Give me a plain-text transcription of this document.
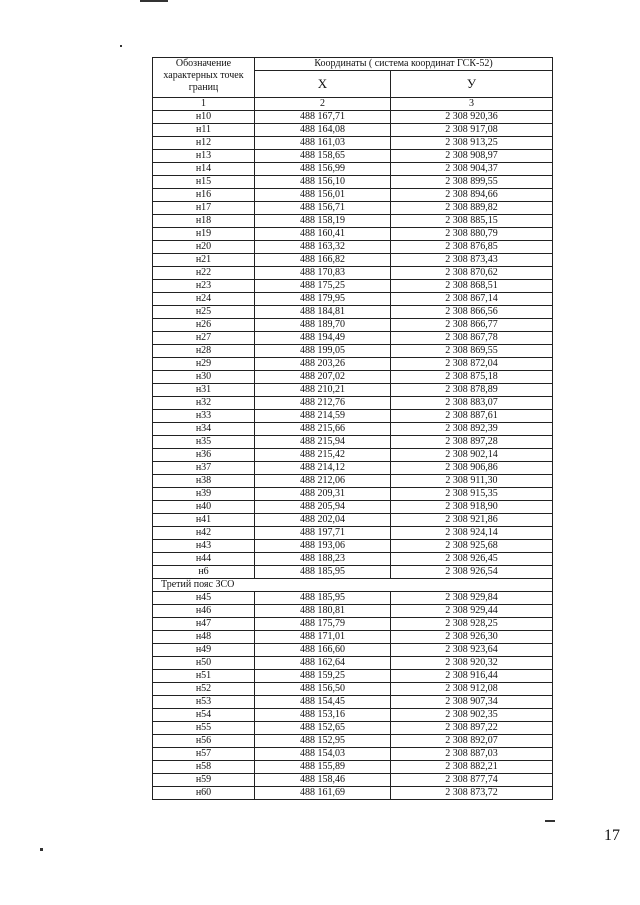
Обозначение характерных точек границ	Координаты ( система координат ГСК-52)	
	X	У
1	2	3
н10	488 167,71	2 308 920,36
н11	488 164,08	2 308 917,08
н12	488 161,03	2 308 913,25
н13	488 158,65	2 308 908,97
н14	488 156,99	2 308 904,37
н15	488 156,10	2 308 899,55
н16	488 156,01	2 308 894,66
н17	488 156,71	2 308 889,82
н18	488 158,19	2 308 885,15
н19	488 160,41	2 308 880,79
н20	488 163,32	2 308 876,85
н21	488 166,82	2 308 873,43
н22	488 170,83	2 308 870,62
н23	488 175,25	2 308 868,51
н24	488 179,95	2 308 867,14
н25	488 184,81	2 308 866,56
н26	488 189,70	2 308 866,77
н27	488 194,49	2 308 867,78
н28	488 199,05	2 308 869,55
н29	488 203,26	2 308 872,04
н30	488 207,02	2 308 875,18
н31	488 210,21	2 308 878,89
н32	488 212,76	2 308 883,07
н33	488 214,59	2 308 887,61
н34	488 215,66	2 308 892,39
н35	488 215,94	2 308 897,28
н36	488 215,42	2 308 902,14
н37	488 214,12	2 308 906,86
н38	488 212,06	2 308 911,30
н39	488 209,31	2 308 915,35
н40	488 205,94	2 308 918,90
н41	488 202,04	2 308 921,86
н42	488 197,71	2 308 924,14
н43	488 193,06	2 308 925,68
н44	488 188,23	2 308 926,45
н6	488 185,95	2 308 926,54
Третий пояс ЗСО		
н45	488 185,95	2 308 929,84
н46	488 180,81	2 308 929,44
н47	488 175,79	2 308 928,25
н48	488 171,01	2 308 926,30
н49	488 166,60	2 308 923,64
н50	488 162,64	2 308 920,32
н51	488 159,25	2 308 916,44
н52	488 156,50	2 308 912,08
н53	488 154,45	2 308 907,34
н54	488 153,16	2 308 902,35
н55	488 152,65	2 308 897,22
н56	488 152,95	2 308 892,07
н57	488 154,03	2 308 887,03
н58	488 155,89	2 308 882,21
н59	488 158,46	2 308 877,74
н60	488 161,69	2 308 873,72
17
